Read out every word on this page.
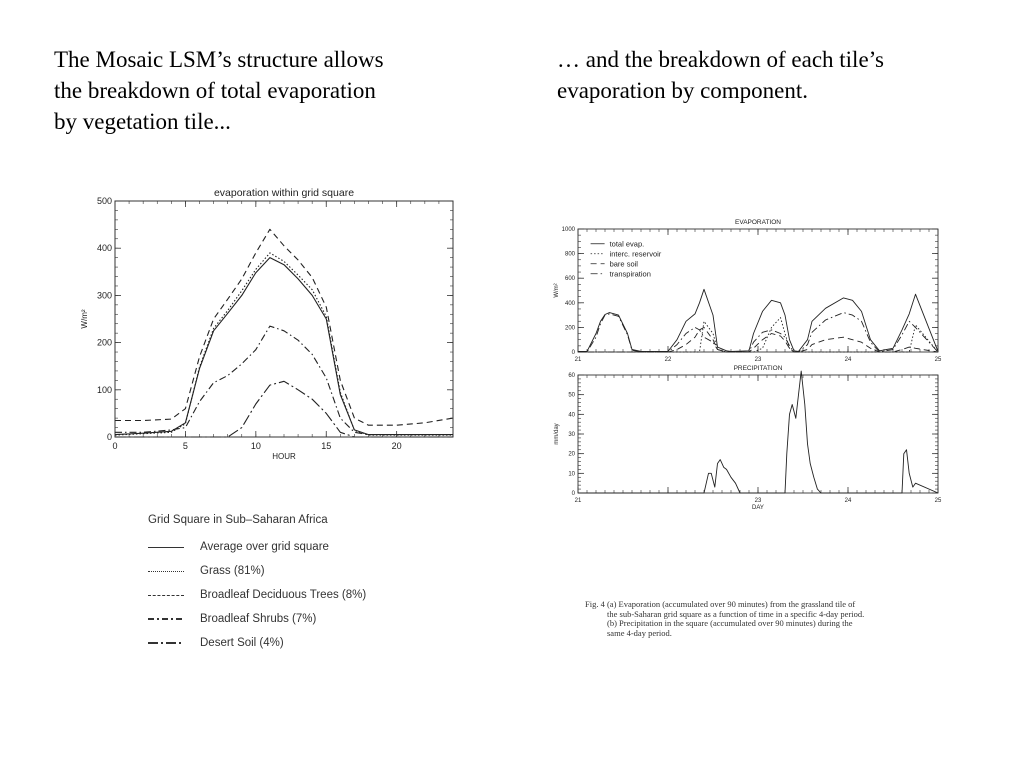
The Mosaic LSM’s structure allows
the breakdown of total evaporation
by vegetation tile...
… and the breakdown of each tile’s
evaporation by component.
evaporation within grid square
0	5	10	15	20
0
100
200
300
400
500
HOUR
W/m²
Grid Square in Sub–Saharan Africa
Average over grid square
Grass (81%)
Broadleaf Deciduous Trees (8%)
Broadleaf Shrubs (7%)
Desert Soil (4%)
EVAPORATION
21	22	23	24	25
0
200
400
600
800
1000
W/m²
total evap.
interc. reservoir
bare soil
transpiration
PRECIPITATION
21	23	24	25
0
10
20
30
40
50
60
DAY
mm/day
Fig. 4 (a) Evaporation (accumulated over 90 minutes) from the grassland tile of
the sub-Saharan grid square as a function of time in a specific 4-day period.
(b) Precipitation in the square (accumulated over 90 minutes) during the
same 4-day period.
